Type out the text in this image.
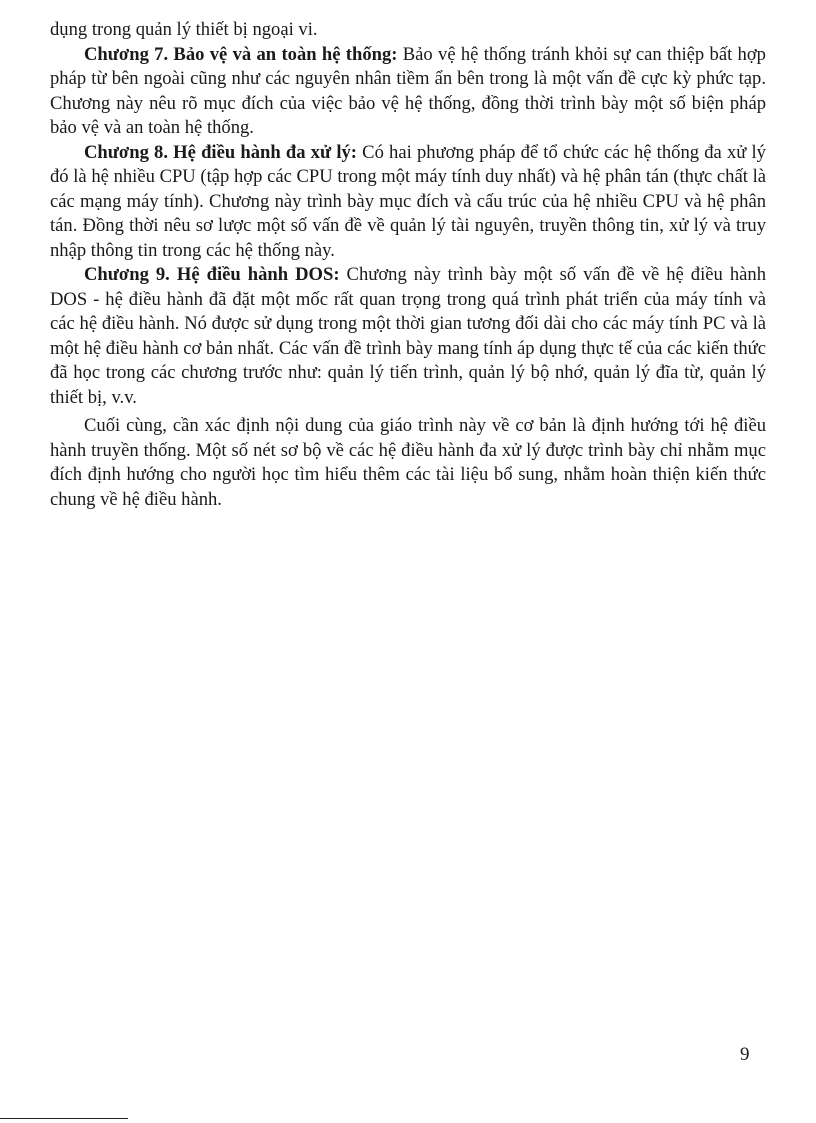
dụng trong quản lý thiết bị ngoại vi.

Chương 7. Bảo vệ và an toàn hệ thống: Bảo vệ hệ thống tránh khỏi sự can thiệp bất hợp pháp từ bên ngoài cũng như các nguyên nhân tiềm ẩn bên trong là một vấn đề cực kỳ phức tạp. Chương này nêu rõ mục đích của việc bảo vệ hệ thống, đồng thời trình bày một số biện pháp bảo vệ và an toàn hệ thống.

Chương 8. Hệ điều hành đa xử lý: Có hai phương pháp để tổ chức các hệ thống đa xử lý đó là hệ nhiều CPU (tập hợp các CPU trong một máy tính duy nhất) và hệ phân tán (thực chất là các mạng máy tính). Chương này trình bày mục đích và cấu trúc của hệ nhiều CPU và hệ phân tán. Đồng thời nêu sơ lược một số vấn đề về quản lý tài nguyên, truyền thông tin, xử lý và truy nhập thông tin trong các hệ thống này.

Chương 9. Hệ điều hành DOS: Chương này trình bày một số vấn đề về hệ điều hành DOS - hệ điều hành đã đặt một mốc rất quan trọng trong quá trình phát triển của máy tính và các hệ điều hành. Nó được sử dụng trong một thời gian tương đối dài cho các máy tính PC và là một hệ điều hành cơ bản nhất. Các vấn đề trình bày mang tính áp dụng thực tế của các kiến thức đã học trong các chương trước như: quản lý tiến trình, quản lý bộ nhớ, quản lý đĩa từ, quản lý thiết bị, v.v.

Cuối cùng, cần xác định nội dung của giáo trình này về cơ bản là định hướng tới hệ điều hành truyền thống. Một số nét sơ bộ về các hệ điều hành đa xử lý được trình bày chỉ nhằm mục đích định hướng cho người học tìm hiểu thêm các tài liệu bổ sung, nhằm hoàn thiện kiến thức chung về hệ điều hành.

9
